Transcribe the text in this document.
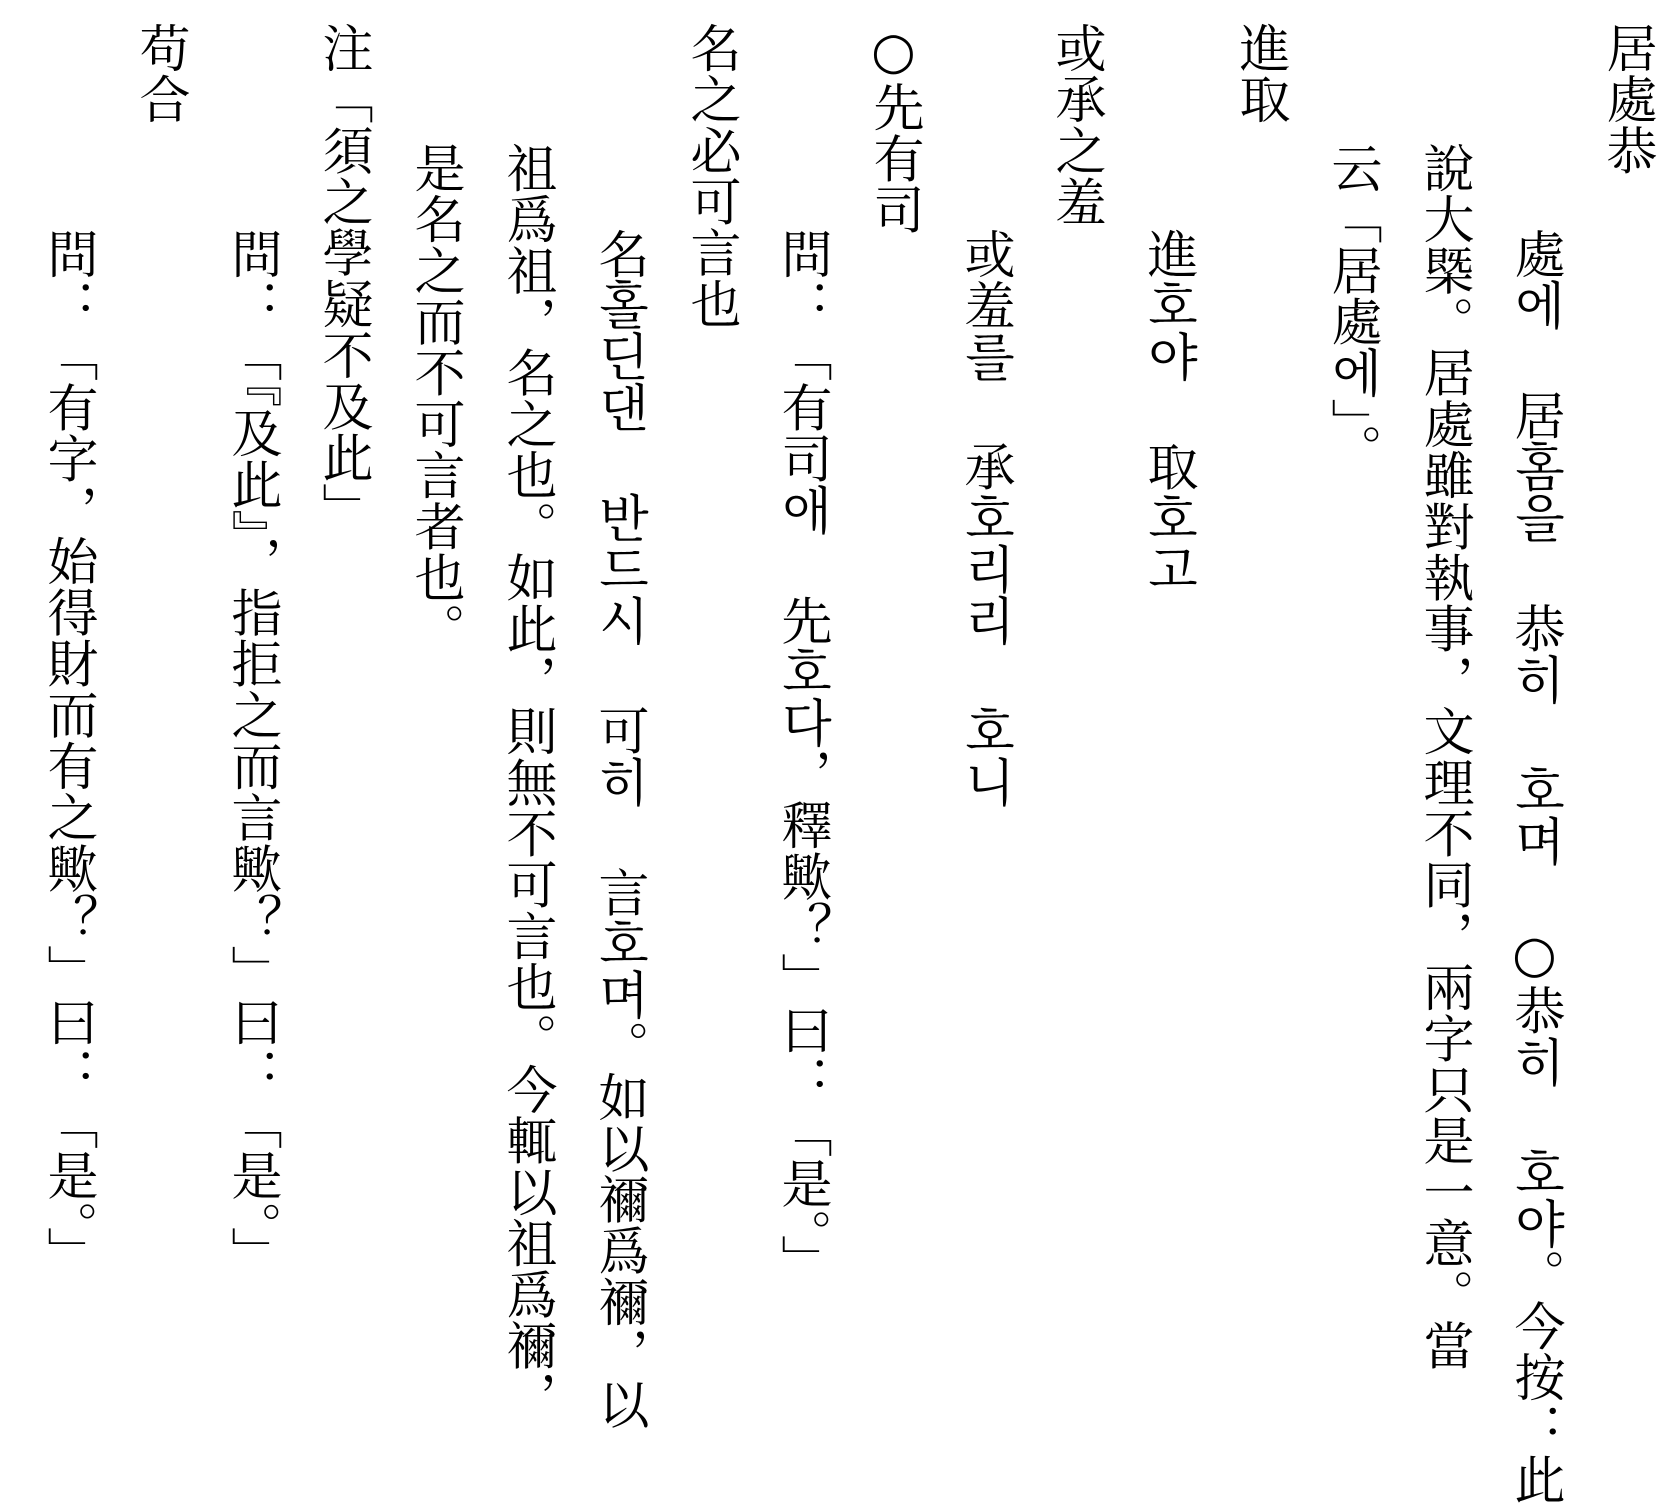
居處恭
處에 居홈을 恭히 호며 ○恭히 호야。今按：此
說大槩。居處雖對執事，文理不同，兩字只是一意。當
云「居處에」。
進取
進호야 取호고
或承之羞
或羞를 承호리리 호니
○先有司
問：「有司애 先호다，釋歟？」曰：「是。」
名之必可言也
名홀딘댄 반드시 可히 言호며。如以禰爲禰，以
祖爲祖，名之也。如此，則無不可言也。今輒以祖爲禰，
是名之而不可言者也。
注「須之學疑不及此」
問：「『及此』，指拒之而言歟？」曰：「是。」
苟合
問：「有字，始得財而有之歟？」曰：「是。」
